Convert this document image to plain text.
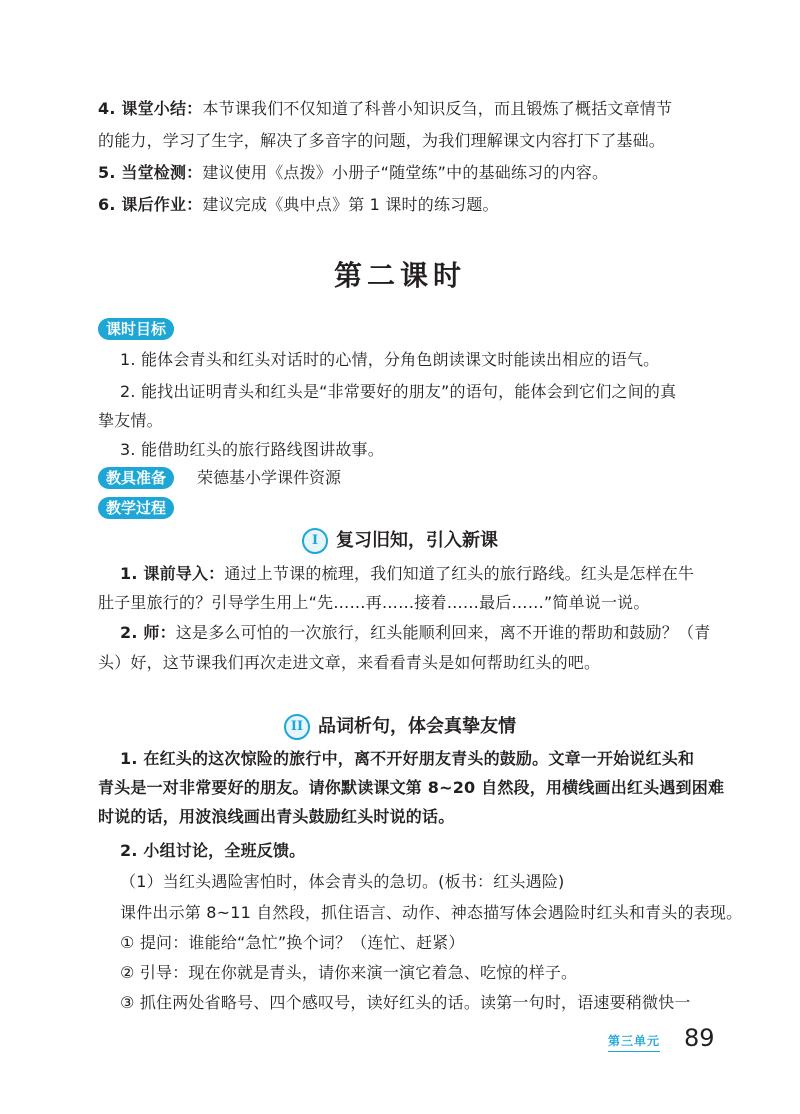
4. 课堂小结：本节课我们不仅知道了科普小知识反刍，而且锻炼了概括文章情节
的能力，学习了生字，解决了多音字的问题，为我们理解课文内容打下了基础。
5. 当堂检测：建议使用《点拨》小册子“随堂练”中的基础练习的内容。
6. 课后作业：建议完成《典中点》第 1 课时的练习题。
第二课时
课时目标
1. 能体会青头和红头对话时的心情，分角色朗读课文时能读出相应的语气。
2. 能找出证明青头和红头是“非常要好的朋友”的语句，能体会到它们之间的真
挚友情。
3. 能借助红头的旅行路线图讲故事。
教具准备	荣德基小学课件资源
教学过程
I 复习旧知，引入新课
1. 课前导入：通过上节课的梳理，我们知道了红头的旅行路线。红头是怎样在牛
肚子里旅行的？引导学生用上“先……再……接着……最后……”简单说一说。
2. 师：这是多么可怕的一次旅行，红头能顺利回来，离不开谁的帮助和鼓励？（青
头）好，这节课我们再次走进文章，来看看青头是如何帮助红头的吧。
II 品词析句，体会真挚友情
1. 在红头的这次惊险的旅行中，离不开好朋友青头的鼓励。文章一开始说红头和
青头是一对非常要好的朋友。请你默读课文第 8~20 自然段，用横线画出红头遇到困难
时说的话，用波浪线画出青头鼓励红头时说的话。
2. 小组讨论，全班反馈。
（1）当红头遇险害怕时，体会青头的急切。(板书：红头遇险)
课件出示第 8~11 自然段，抓住语言、动作、神态描写体会遇险时红头和青头的表现。
① 提问：谁能给“急忙”换个词？（连忙、赶紧）
② 引导：现在你就是青头，请你来演一演它着急、吃惊的样子。
③ 抓住两处省略号、四个感叹号，读好红头的话。读第一句时，语速要稍微快一
第三单元 89
